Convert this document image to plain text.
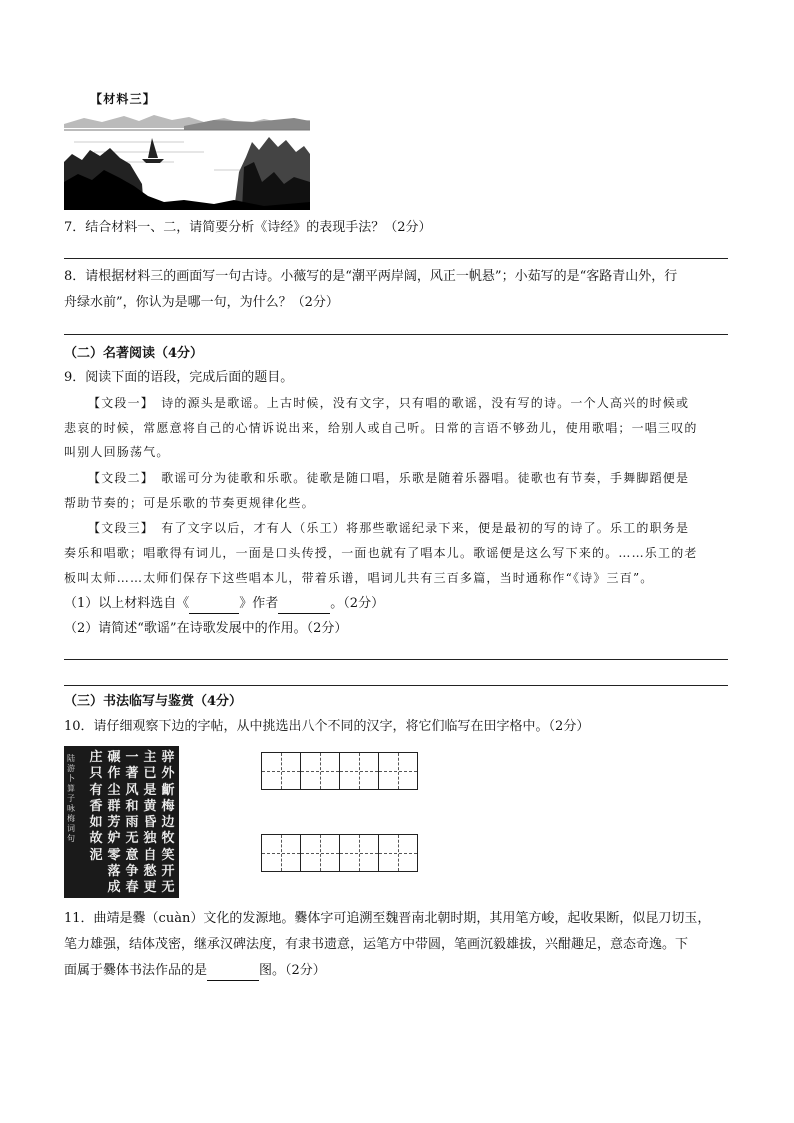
【材料三】
7．结合材料一、二，请简要分析《诗经》的表现手法？（2分）
8．请根据材料三的画面写一句古诗。小薇写的是“潮平两岸阔，风正一帆悬”；小茹写的是“客路青山外，行
舟绿水前”，你认为是哪一句，为什么？（2分）
（二）名著阅读（4分）
9．阅读下面的语段，完成后面的题目。
【文段一】　诗的源头是歌谣。上古时候，没有文字，只有唱的歌谣，没有写的诗。一个人高兴的时候或
悲哀的时候，常愿意将自己的心情诉说出来，给别人或自己听。日常的言语不够劲儿，使用歌唱；一唱三叹的
叫别人回肠荡气。
【文段二】　歌谣可分为徒歌和乐歌。徒歌是随口唱，乐歌是随着乐器唱。徒歌也有节奏，手舞脚蹈便是
帮助节奏的；可是乐歌的节奏更规律化些。
【文段三】　有了文字以后，才有人（乐工）将那些歌谣纪录下来，便是最初的写的诗了。乐工的职务是
奏乐和唱歌；唱歌得有词儿，一面是口头传授，一面也就有了唱本儿。歌谣便是这么写下来的。……乐工的老
板叫太师……太师们保存下这些唱本儿，带着乐谱，唱词儿共有三百多篇，当时通称作“《诗》三百”。
（1）以上材料选自《	》作者	。（2分）
（2）请简述“歌谣”在诗歌发展中的作用。（2分）
（三）书法临写与鉴赏（4分）
10．请仔细观察下边的字帖，从中挑选出八个不同的汉字，将它们临写在田字格中。（2分）
骍
外
齗
梅
边
牧
笑
开
无
主
已
是
黄
昏
独
自
愁
更
一
著
风
和
雨
无
意
争
春
碾
作
尘
群
芳
妒
零
落
成
庄
只
有
香
如
故
泥
陆游卜算子咏梅词句
11．曲靖是爨（cuàn）文化的发源地。爨体字可追溯至魏晋南北朝时期，其用笔方峻，起收果断，似昆刀切玉，
笔力雄强，结体茂密，继承汉碑法度，有隶书遗意，运笔方中带圆，笔画沉毅雄拔，兴酣趣足，意态奇逸。下
面属于爨体书法作品的是	图。（2分）
